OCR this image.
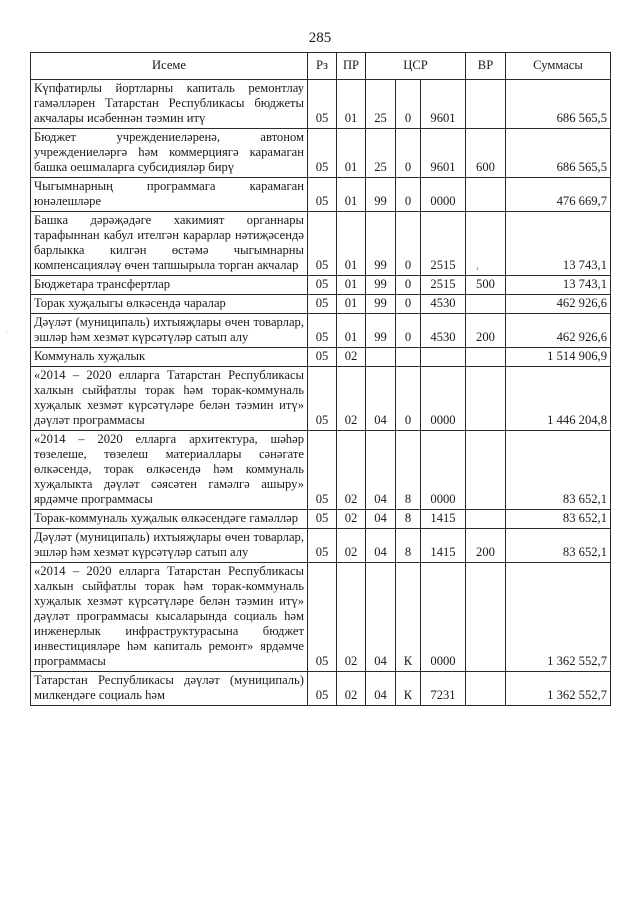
285
Исеме	Рз	ПР	ЦСР			ВР	Суммасы
Күпфатирлы йортларны капиталь ремонтлау гамәлләрен Татарстан Республикасы бюджеты акчалары исәбеннән тәэмин итү	05	01	25	0	9601		686 565,5
Бюджет учреждениеләренә, автоном учреждениеләргә һәм коммерциягә карамаган башка оешмаларга субсидияләр бирү	05	01	25	0	9601	600	686 565,5
Чыгымнарның программага карамаган юнәлешләре	05	01	99	0	0000		476 669,7
Башка дәрәҗәдәге хакимият органнары тарафыннан кабул ителгән карарлар нәтиҗәсендә барлыкка килгән өстәмә чыгымнарны компенсацияләү өчен тапшырыла торган акчалар	05	01	99	0	2515		13 743,1
Бюджетара трансфертлар	05	01	99	0	2515	500	13 743,1
Торак хуҗалыгы өлкәсендә чаралар	05	01	99	0	4530		462 926,6
Дәүләт (муниципаль) ихтыяҗлары өчен товарлар, эшләр һәм хезмәт күрсәтүләр сатып алу	05	01	99	0	4530	200	462 926,6
Коммуналь хуҗалык	05	02					1 514 906,9
«2014 – 2020 елларга Татарстан Республикасы халкын сыйфатлы торак һәм торак-коммуналь хуҗалык хезмәт күрсәтүләре белән тәэмин итү» дәүләт программасы	05	02	04	0	0000		1 446 204,8
«2014 – 2020 елларга архитектура, шәһәр төзелеше, төзелеш материаллары сәнәгате өлкәсендә, торак өлкәсендә һәм коммуналь хуҗалыкта дәүләт сәясәтен гамәлгә ашыру» ярдәмче программасы	05	02	04	8	0000		83 652,1
Торак-коммуналь хуҗалык өлкәсендәге гамәлләр	05	02	04	8	1415		83 652,1
Дәүләт (муниципаль) ихтыяҗлары өчен товарлар, эшләр һәм хезмәт күрсәтүләр сатып алу	05	02	04	8	1415	200	83 652,1
«2014 – 2020 елларга Татарстан Республикасы халкын сыйфатлы торак һәм торак-коммуналь хуҗалык хезмәт күрсәтүләре белән тәэмин итү» дәүләт программасы кысаларында социаль һәм инженерлык инфраструктурасына бюджет инвестицияләре һәм капиталь ремонт» ярдәмче программасы	05	02	04	К	0000		1 362 552,7
Татарстан Республикасы дәүләт (муниципаль) милкендәге социаль һәм	05	02	04	К	7231		1 362 552,7
‹
'
